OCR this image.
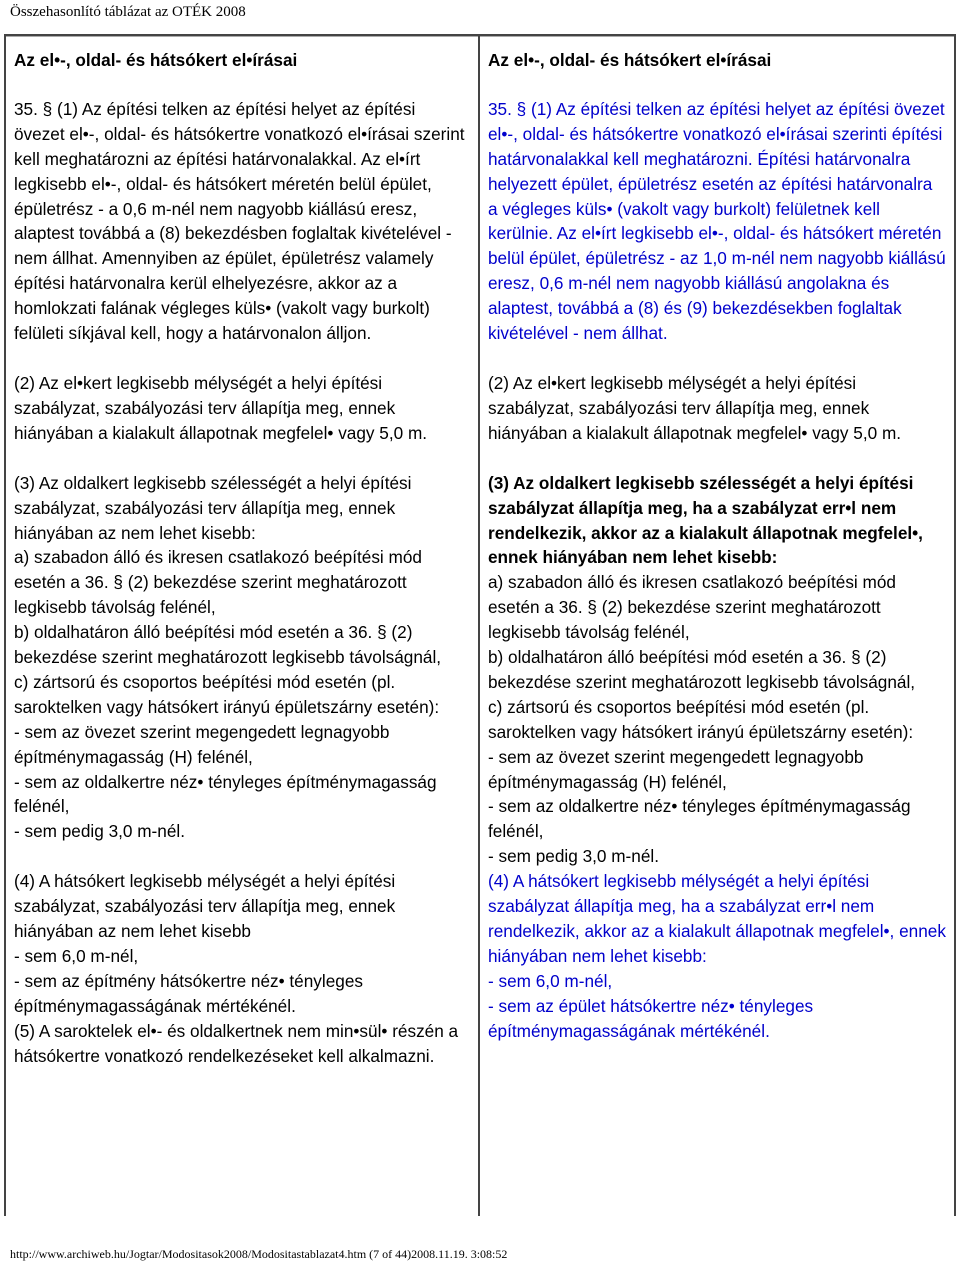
Összehasonlító táblázat az OTÉK 2008
Az el•-, oldal- és hátsókert el•írásai
35. § (1) Az építési telken az építési helyet az építési övezet el•-, oldal- és hátsókertre vonatkozó el•írásai szerint kell meghatározni az építési határvonalakkal. Az el•írt legkisebb el•-, oldal- és hátsókert méretén belül épület, épületrész - a 0,6 m-nél nem nagyobb kiállású eresz, alaptest továbbá a (8) bekezdésben foglaltak kivételével - nem állhat. Amennyiben az épület, épületrész valamely építési határvonalra kerül elhelyezésre, akkor az a homlokzati falának végleges küls• (vakolt vagy burkolt) felületi síkjával kell, hogy a határvonalon álljon.
(2) Az el•kert legkisebb mélységét a helyi építési szabályzat, szabályozási terv állapítja meg, ennek hiányában a kialakult állapotnak megfelel• vagy 5,0 m.
(3) Az oldalkert legkisebb szélességét a helyi építési szabályzat, szabályozási terv állapítja meg, ennek hiányában az nem lehet kisebb:
a) szabadon álló és ikresen csatlakozó beépítési mód esetén a 36. § (2) bekezdése szerint meghatározott legkisebb távolság felénél,
b) oldalhatáron álló beépítési mód esetén a 36. § (2) bekezdése szerint meghatározott legkisebb távolságnál,
c) zártsorú és csoportos beépítési mód esetén (pl. saroktelken vagy hátsókert irányú épületszárny esetén):
- sem az övezet szerint megengedett legnagyobb építménymagasság (H) felénél,
- sem az oldalkertre néz• tényleges építménymagasság felénél,
- sem pedig 3,0 m-nél.
(4) A hátsókert legkisebb mélységét a helyi építési szabályzat, szabályozási terv állapítja meg, ennek hiányában az nem lehet kisebb
- sem 6,0 m-nél,
- sem az építmény hátsókertre néz• tényleges építménymagasságának mértékénél.
(5) A saroktelek el•- és oldalkertnek nem min•sül• részén a hátsókertre vonatkozó rendelkezéseket kell alkalmazni.
Az el•-, oldal- és hátsókert el•írásai
35. § (1) Az építési telken az építési helyet az építési övezet el•-, oldal- és hátsókertre vonatkozó el•írásai szerinti építési határvonalakkal kell meghatározni. Építési határvonalra helyezett épület, épületrész esetén az építési határvonalra a végleges küls• (vakolt vagy burkolt) felületnek kell kerülnie. Az el•írt legkisebb el•-, oldal- és hátsókert méretén belül épület, épületrész - az 1,0 m-nél nem nagyobb kiállású eresz, 0,6 m-nél nem nagyobb kiállású angolakna és alaptest, továbbá a (8) és (9) bekezdésekben foglaltak kivételével - nem állhat.
(2) Az el•kert legkisebb mélységét a helyi építési szabályzat, szabályozási terv állapítja meg, ennek hiányában a kialakult állapotnak megfelel• vagy 5,0 m.
(3) Az oldalkert legkisebb szélességét a helyi építési szabályzat állapítja meg, ha a szabályzat err•l nem rendelkezik, akkor az a kialakult állapotnak megfelel•, ennek hiányában nem lehet kisebb:
a) szabadon álló és ikresen csatlakozó beépítési mód esetén a 36. § (2) bekezdése szerint meghatározott legkisebb távolság felénél,
b) oldalhatáron álló beépítési mód esetén a 36. § (2) bekezdése szerint meghatározott legkisebb távolságnál,
c) zártsorú és csoportos beépítési mód esetén (pl. saroktelken vagy hátsókert irányú épületszárny esetén):
- sem az övezet szerint megengedett legnagyobb építménymagasság (H) felénél,
- sem az oldalkertre néz• tényleges építménymagasság felénél,
- sem pedig 3,0 m-nél.
(4) A hátsókert legkisebb mélységét a helyi építési szabályzat állapítja meg, ha a szabályzat err•l nem rendelkezik, akkor az a kialakult állapotnak megfelel•, ennek hiányában nem lehet kisebb:
- sem 6,0 m-nél,
- sem az épület hátsókertre néz• tényleges építménymagasságának mértékénél.
http://www.archiweb.hu/Jogtar/Modositasok2008/Modositastablazat4.htm (7 of 44)2008.11.19. 3:08:52
